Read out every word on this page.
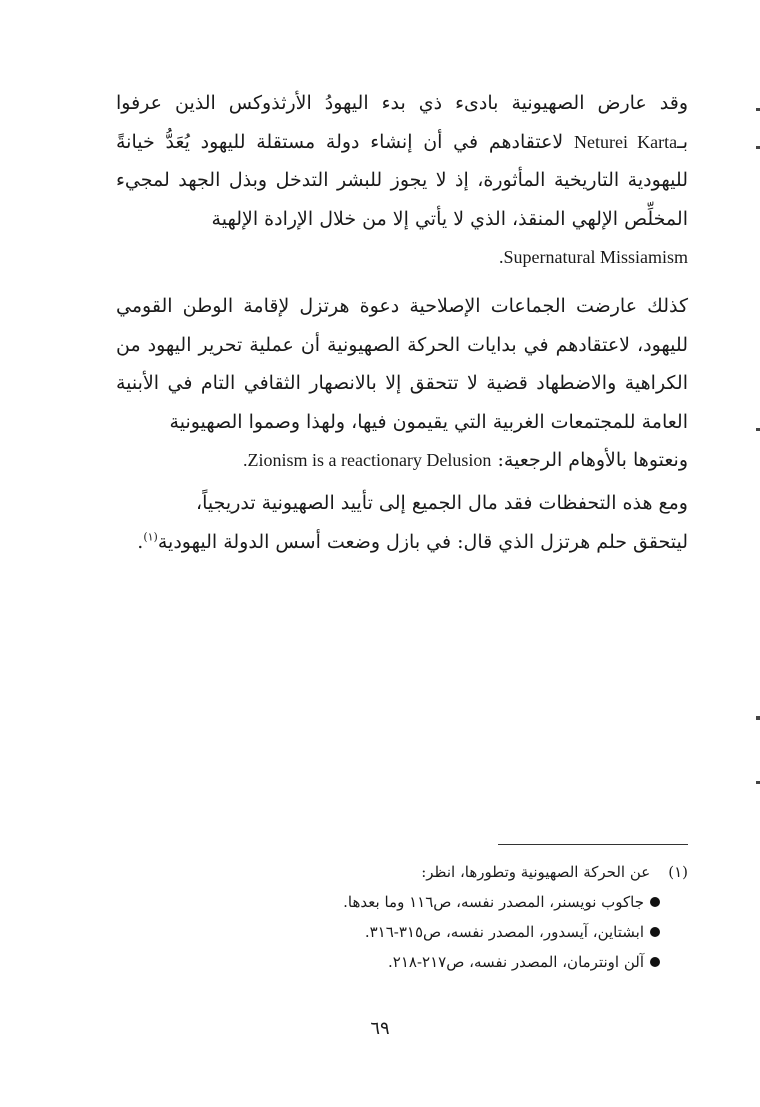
وقد عارض الصهيونية بادىء ذي بدء اليهودُ الأرثذوكس الذين عرفوا بـNeturei Karta لاعتقادهم في أن إنشاء دولة مستقلة لليهود يُعَدُّ خيانةً لليهودية التاريخية المأثورة، إذ لا يجوز للبشر التدخل وبذل الجهد لمجيء المخلِّص الإلهي المنقذ، الذي لا يأتي إلا من خلال الإرادة الإلهية
.Supernatural Missiamism

كذلك عارضت الجماعات الإصلاحية دعوة هرتزل لإقامة الوطن القومي لليهود، لاعتقادهم في بدايات الحركة الصهيونية أن عملية تحرير اليهود من الكراهية والاضطهاد قضية لا تتحقق إلا بالانصهار الثقافي التام في الأبنية العامة للمجتمعات الغربية التي يقيمون فيها، ولهذا وصموا الصهيونية
ونعتوها بالأوهام الرجعية: .Zionism is a reactionary Delusion

ومع هذه التحفظات فقد مال الجميع إلى تأييد الصهيونية تدريجياً،
ليتحقق حلم هرتزل الذي قال: في بازل وضعت أسس الدولة اليهودية$^{(١)}$.

(١)
عن الحركة الصهيونية وتطورها، انظر:
جاكوب نويسنر، المصدر نفسه، ص١١٦ وما بعدها.
ابشتاين، آيسدور، المصدر نفسه، ص٣١٥-٣١٦.
آلن اونترمان، المصدر نفسه، ص٢١٧-٢١٨.
٦٩
